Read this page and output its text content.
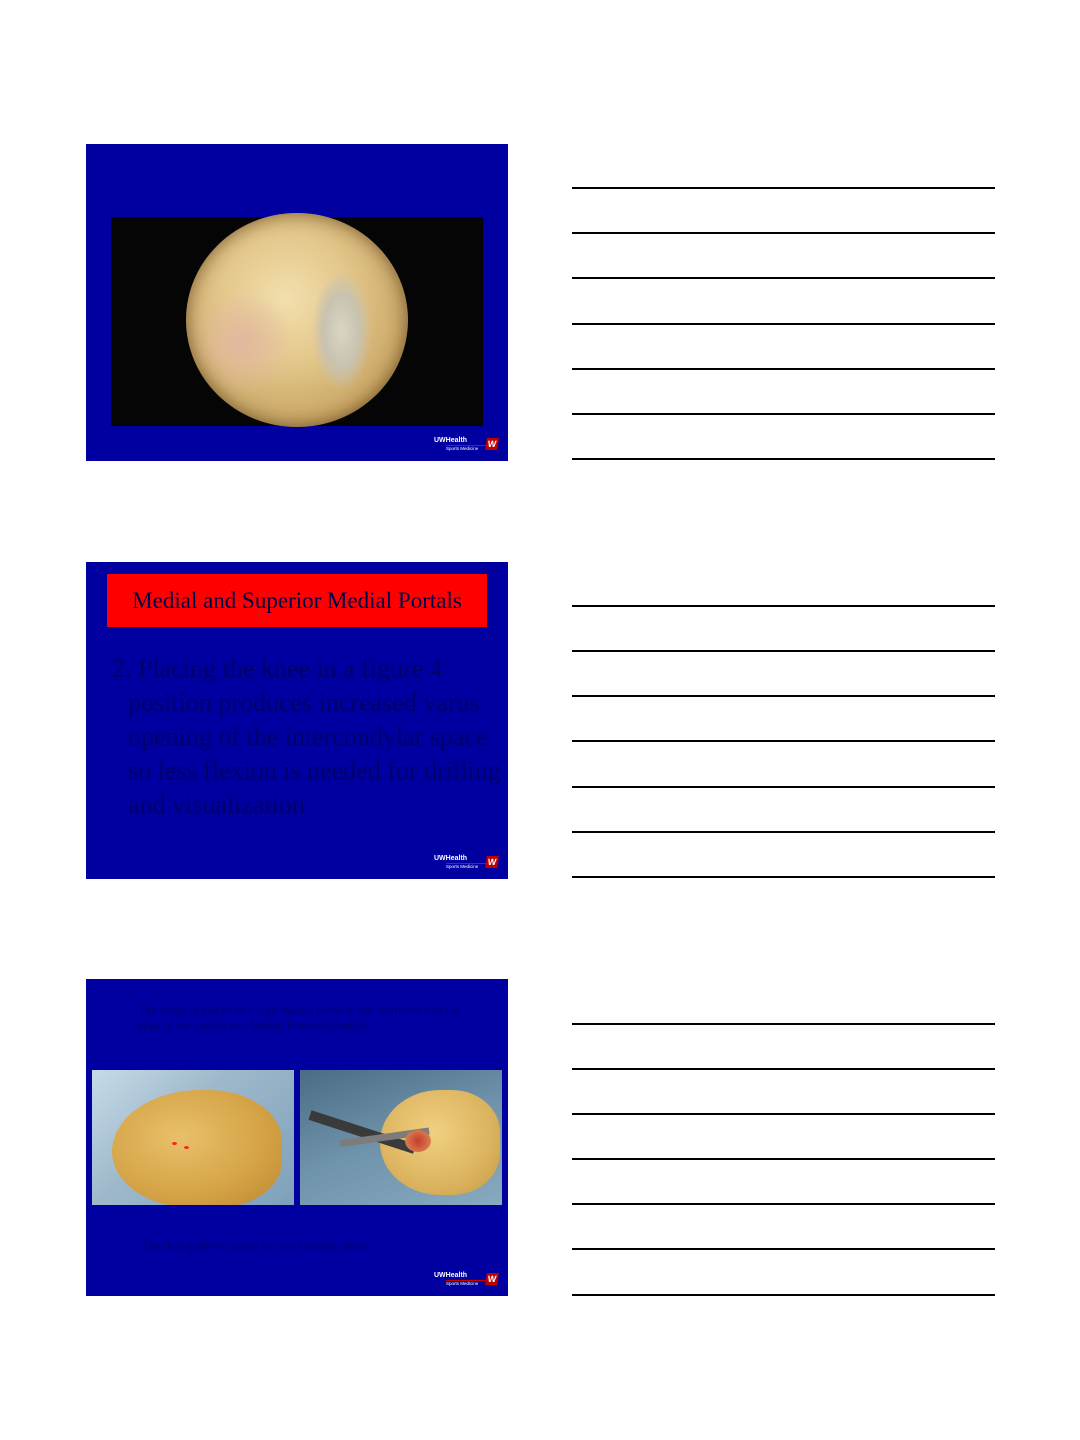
UWHealth
Sports Medicine W
Medial and Superior Medial Portals
2. Placing the knee in a figure 4 position produces increased varus opening of the intercondylar space so less flexion is needed for drilling and visualization
UWHealth
Sports Medicine W
The scope is placed in a high medial portal at the confluence of the edge of the patella and Medial Femoral Condyle
The drill guide is placed in a mid medial portal
UWHealth
Sports Medicine W
